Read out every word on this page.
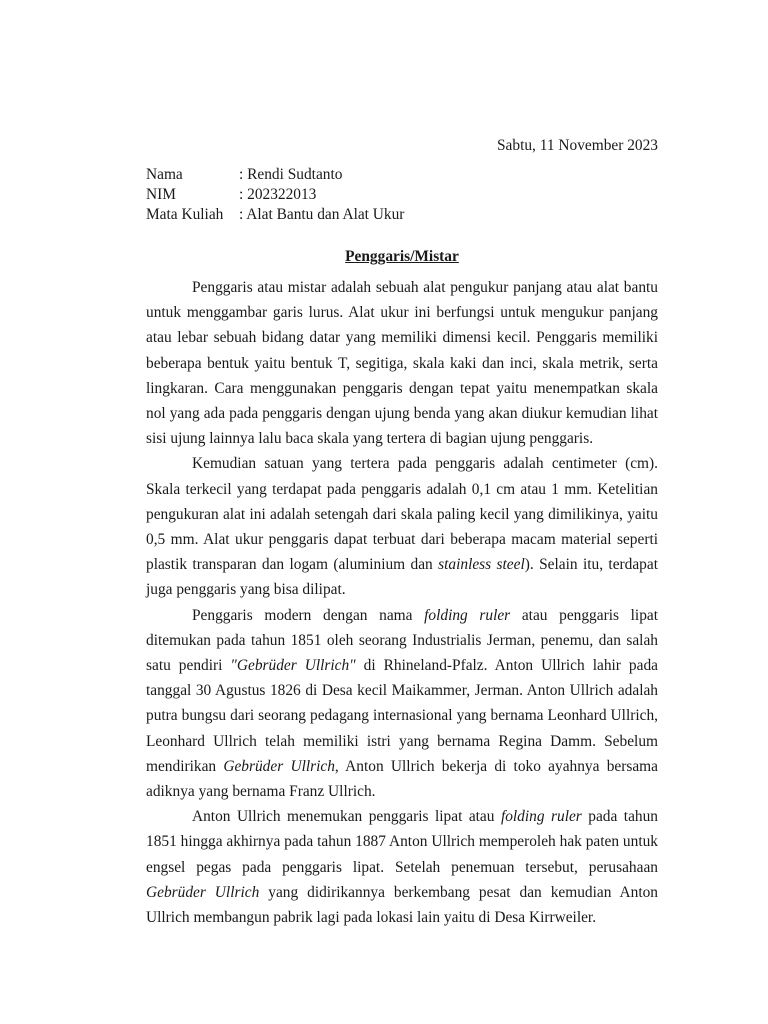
Sabtu, 11 November 2023
Nama	: Rendi Sudtanto
NIM	: 202322013
Mata Kuliah	: Alat Bantu dan Alat Ukur
Penggaris/Mistar

Penggaris atau mistar adalah sebuah alat pengukur panjang atau alat bantu untuk menggambar garis lurus. Alat ukur ini berfungsi untuk mengukur panjang atau lebar sebuah bidang datar yang memiliki dimensi kecil. Penggaris memiliki beberapa bentuk yaitu bentuk T, segitiga, skala kaki dan inci, skala metrik, serta lingkaran. Cara menggunakan penggaris dengan tepat yaitu menempatkan skala nol yang ada pada penggaris dengan ujung benda yang akan diukur kemudian lihat sisi ujung lainnya lalu baca skala yang tertera di bagian ujung penggaris.

Kemudian satuan yang tertera pada penggaris adalah centimeter (cm). Skala terkecil yang terdapat pada penggaris adalah 0,1 cm atau 1 mm. Ketelitian pengukuran alat ini adalah setengah dari skala paling kecil yang dimilikinya, yaitu 0,5 mm. Alat ukur penggaris dapat terbuat dari beberapa macam material seperti plastik transparan dan logam (aluminium dan stainless steel). Selain itu, terdapat juga penggaris yang bisa dilipat.

Penggaris modern dengan nama folding ruler atau penggaris lipat ditemukan pada tahun 1851 oleh seorang Industrialis Jerman, penemu, dan salah satu pendiri "Gebrüder Ullrich" di Rhineland-Pfalz. Anton Ullrich lahir pada tanggal 30 Agustus 1826 di Desa kecil Maikammer, Jerman. Anton Ullrich adalah putra bungsu dari seorang pedagang internasional yang bernama Leonhard Ullrich, Leonhard Ullrich telah memiliki istri yang bernama Regina Damm. Sebelum mendirikan Gebrüder Ullrich, Anton Ullrich bekerja di toko ayahnya bersama adiknya yang bernama Franz Ullrich.

Anton Ullrich menemukan penggaris lipat atau folding ruler pada tahun 1851 hingga akhirnya pada tahun 1887 Anton Ullrich memperoleh hak paten untuk engsel pegas pada penggaris lipat. Setelah penemuan tersebut, perusahaan Gebrüder Ullrich yang didirikannya berkembang pesat dan kemudian Anton Ullrich membangun pabrik lagi pada lokasi lain yaitu di Desa Kirrweiler.
